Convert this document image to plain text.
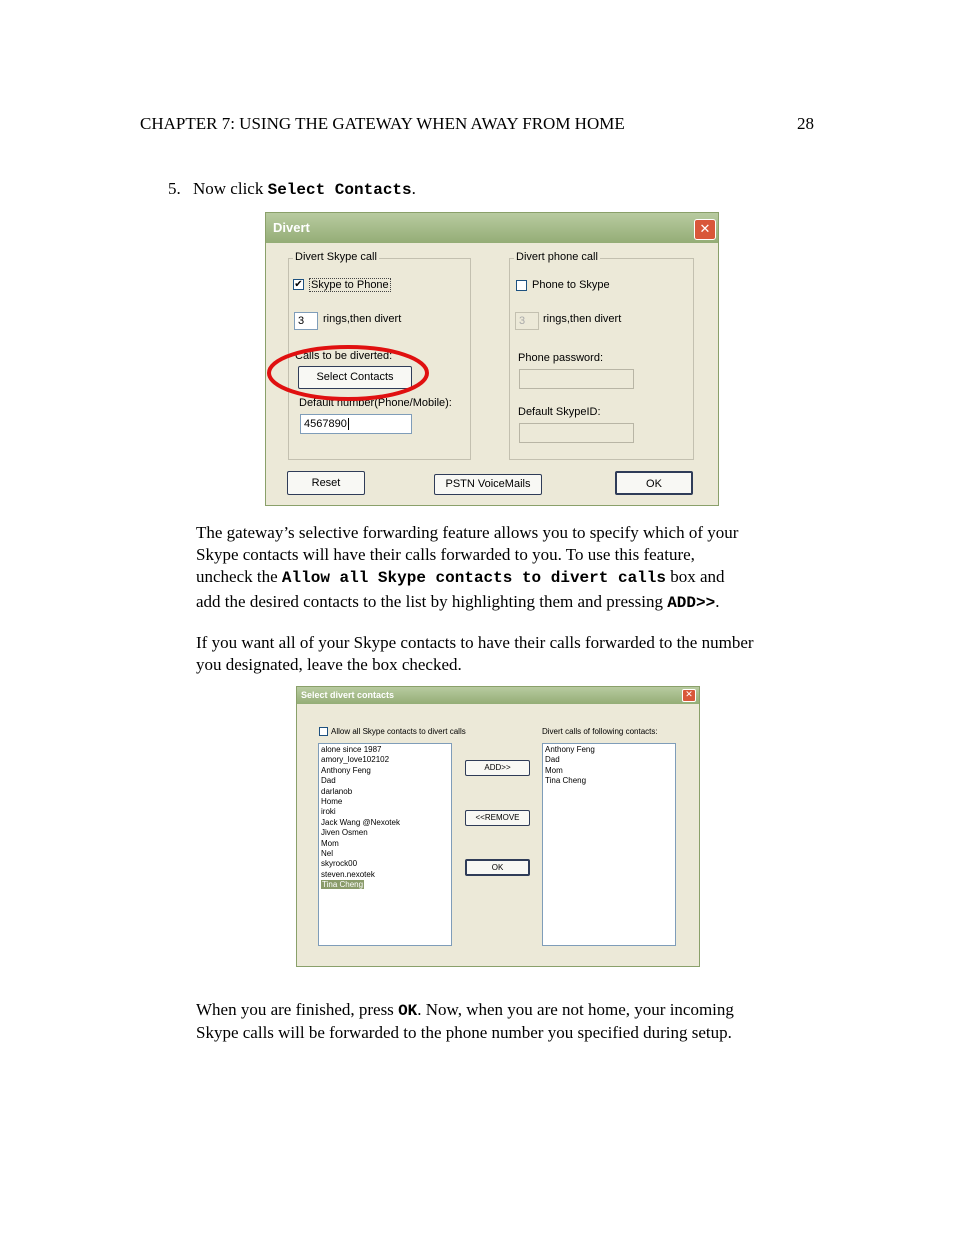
CHAPTER 7: USING THE GATEWAY WHEN AWAY FROM HOME	28
5. Now click Select Contacts.
Divert	✕
Divert Skype call
✔ Skype to Phone
3	rings,then divert
Calls to be diverted:
Select Contacts
Default number(Phone/Mobile):
4567890
Divert phone call
Phone to Skype
3	rings,then divert
Phone password:
Default SkypeID:
Reset	PSTN VoiceMails	OK
The gateway’s selective forwarding feature allows you to specify which of your
Skype contacts will have their calls forwarded to you. To use this feature,
uncheck the Allow all Skype contacts to divert calls box and
add the desired contacts to the list by highlighting them and pressing ADD>>.
If you want all of your Skype contacts to have their calls forwarded to the number
you designated, leave the box checked.
Select divert contacts	✕
Allow all Skype contacts to divert calls	Divert calls of following contacts:
alone since 1987
amory_love102102
Anthony Feng
Dad
darlanob
Home
iroki
Jack Wang @Nexotek
Jiven Osmen
Mom
Nel
skyrock00
steven.nexotek
Tina Cheng
Anthony Feng
Dad
Mom
Tina Cheng
ADD>>
<<REMOVE
OK
When you are finished, press OK. Now, when you are not home, your incoming
Skype calls will be forwarded to the phone number you specified during setup.
